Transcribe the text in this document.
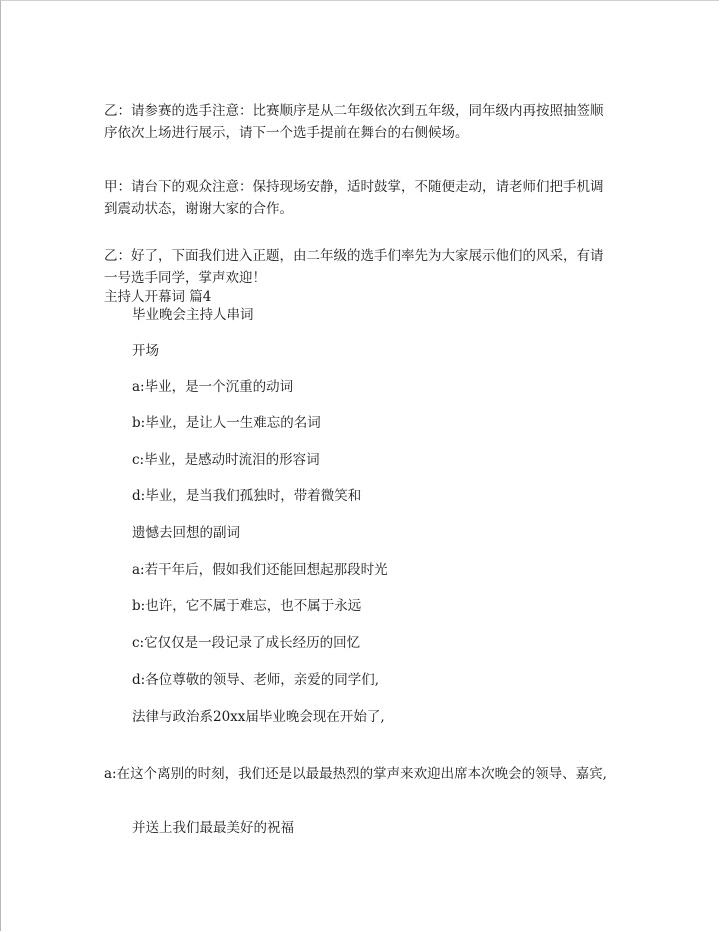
乙：请参赛的选手注意：比赛顺序是从二年级依次到五年级，同年级内再按照抽签顺序依次上场进行展示，请下一个选手提前在舞台的右侧候场。
甲：请台下的观众注意：保持现场安静，适时鼓掌，不随便走动，请老师们把手机调到震动状态，谢谢大家的合作。
乙：好了，下面我们进入正题，由二年级的选手们率先为大家展示他们的风采，有请一号选手同学，掌声欢迎！
主持人开幕词 篇4
毕业晚会主持人串词
开场
a:毕业，是一个沉重的动词
b:毕业，是让人一生难忘的名词
c:毕业，是感动时流泪的形容词
d:毕业，是当我们孤独时，带着微笑和
遗憾去回想的副词
a:若干年后，假如我们还能回想起那段时光
b:也许，它不属于难忘，也不属于永远
c:它仅仅是一段记录了成长经历的回忆
d:各位尊敬的领导、老师，亲爱的同学们,
法律与政治系20xx届毕业晚会现在开始了,
a:在这个离别的时刻，我们还是以最最热烈的掌声来欢迎出席本次晚会的领导、嘉宾,
并送上我们最最美好的祝福
